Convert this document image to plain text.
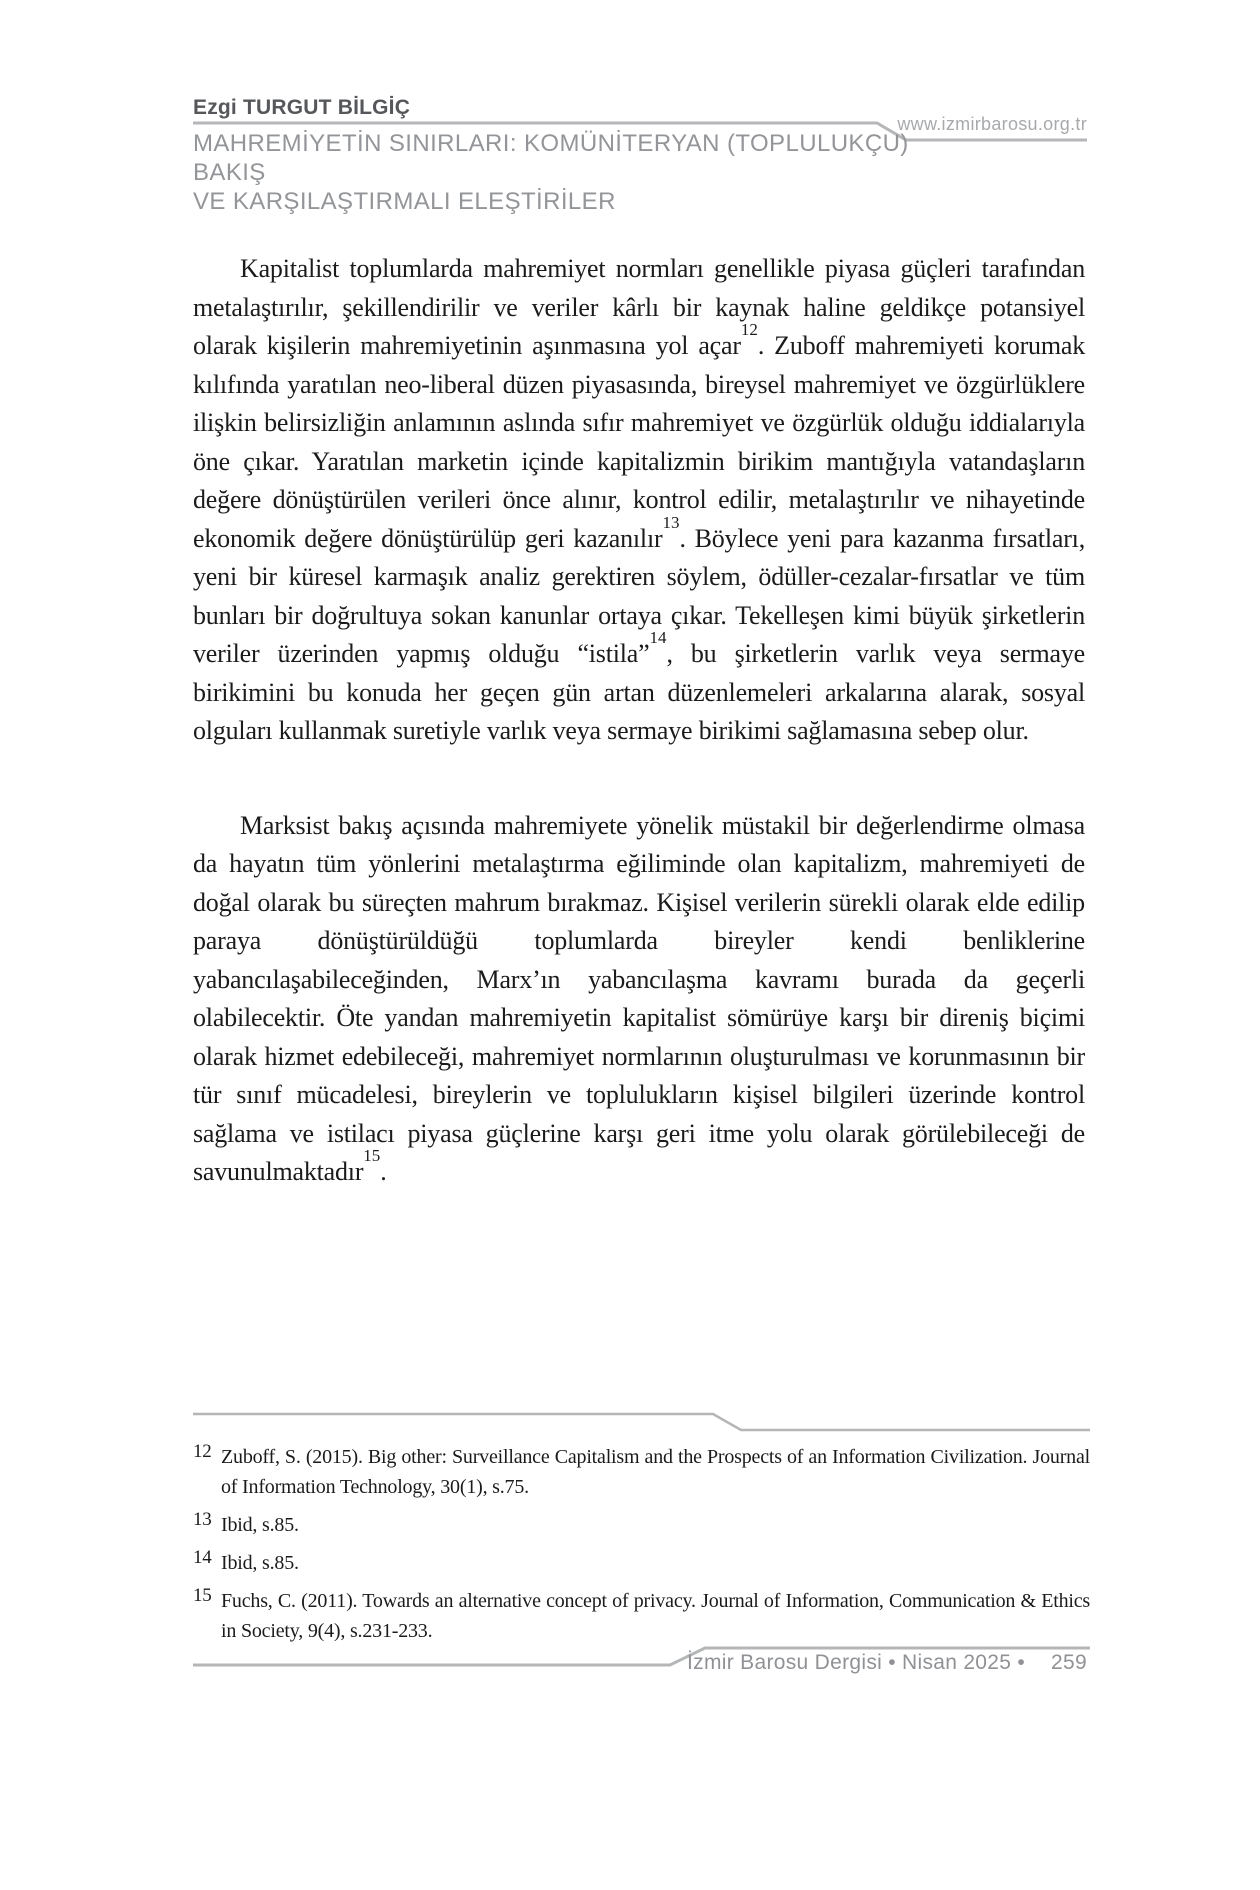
Ezgi TURGUT BİLGİÇ
www.izmirbarosu.org.tr
MAHREMİYETİN SINIRLARI: KOMÜNİTERYAN (TOPLULUKÇU) BAKIŞ
VE KARŞILAŞTIRMALI ELEŞTİRİLER

Kapitalist toplumlarda mahremiyet normları genellikle piyasa güçleri tarafından metalaştırılır, şekillendirilir ve veriler kârlı bir kaynak haline geldikçe potansiyel olarak kişilerin mahremiyetinin aşınmasına yol açar$^{12}$. Zuboff mahremiyeti korumak kılıfında yaratılan neo-liberal düzen piyasasında, bireysel mahremiyet ve özgürlüklere ilişkin belirsizliğin anlamının aslında sıfır mahremiyet ve özgürlük olduğu iddialarıyla öne çıkar. Yaratılan marketin içinde kapitalizmin birikim mantığıyla vatandaşların değere dönüştürülen verileri önce alınır, kontrol edilir, metalaştırılır ve nihayetinde ekonomik değere dönüştürülüp geri kazanılır$^{13}$. Böylece yeni para kazanma fırsatları, yeni bir küresel karmaşık analiz gerektiren söylem, ödüller-cezalar-fırsatlar ve tüm bunları bir doğrultuya sokan kanunlar ortaya çıkar. Tekelleşen kimi büyük şirketlerin veriler üzerinden yapmış olduğu “istila”$^{14}$, bu şirketlerin varlık veya sermaye birikimini bu konuda her geçen gün artan düzenlemeleri arkalarına alarak, sosyal olguları kullanmak suretiyle varlık veya sermaye birikimi sağlamasına sebep olur.

Marksist bakış açısında mahremiyete yönelik müstakil bir değerlendirme olmasa da hayatın tüm yönlerini metalaştırma eğiliminde olan kapitalizm, mahremiyeti de doğal olarak bu süreçten mahrum bırakmaz. Kişisel verilerin sürekli olarak elde edilip paraya dönüştürüldüğü toplumlarda bireyler kendi benliklerine yabancılaşabileceğinden, Marx’ın yabancılaşma kavramı burada da geçerli olabilecektir. Öte yandan mahremiyetin kapitalist sömürüye karşı bir direniş biçimi olarak hizmet edebileceği, mahremiyet normlarının oluşturulması ve korunmasının bir tür sınıf mücadelesi, bireylerin ve toplulukların kişisel bilgileri üzerinde kontrol sağlama ve istilacı piyasa güçlerine karşı geri itme yolu olarak görülebileceği de savunulmaktadır$^{15}$.

12 Zuboff, S. (2015). Big other: Surveillance Capitalism and the Prospects of an Information Civilization. Journal of Information Technology, 30(1), s.75.
13 Ibid, s.85.
14 Ibid, s.85.
15 Fuchs, C. (2011). Towards an alternative concept of privacy. Journal of Information, Communication & Ethics in Society, 9(4), s.231-233.
İzmir Barosu Dergisi • Nisan 2025 • 259
